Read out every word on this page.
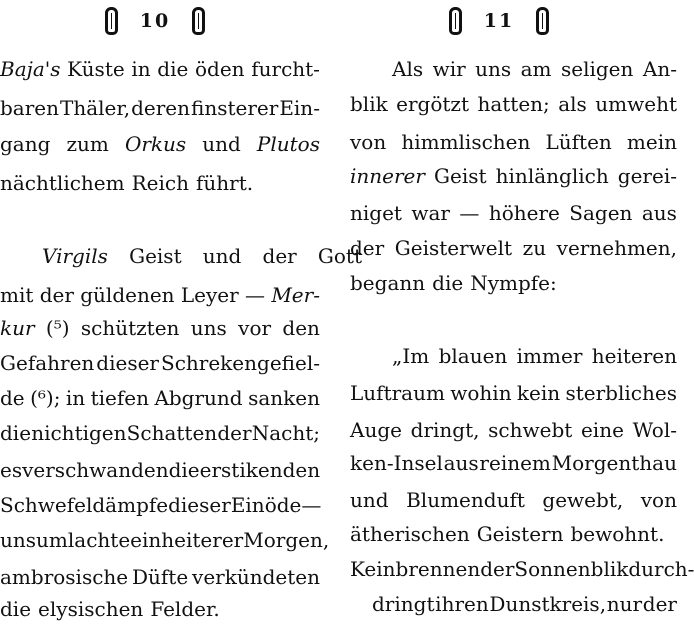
10
Baja's Küste in die öden furcht-
baren Thäler, deren finsterer Ein-
gang zum Orkus und Plutos
nächtlichem Reich führt.
Virgils Geist und der Gott
mit der güldenen Leyer — Mer-
kur (⁵) schützten uns vor den
Gefahren dieser Schrekengefiel-
de (⁶); in tiefen Abgrund sanken
die nichtigen Schatten der Nacht;
es verschwanden die erstikenden
Schwefeldämpfe dieser Einöde —
uns umlachte ein heiterer Morgen,
ambrosische Düfte verkündeten
die elysischen Felder.
11
Als wir uns am seligen An-
blik ergötzt hatten; als umweht
von himmlischen Lüften mein
innerer Geist hinlänglich gerei-
niget war — höhere Sagen aus
der Geisterwelt zu vernehmen,
begann die Nympfe:
„Im blauen immer heiteren
Luftraum wohin kein sterbliches
Auge dringt, schwebt eine Wol-
ken-Insel aus reinem Morgenthau
und Blumenduft gewebt, von
ätherischen Geistern bewohnt.
Kein brennender Sonnenblik durch-
dringt ihren Dunstkreis, nur der
